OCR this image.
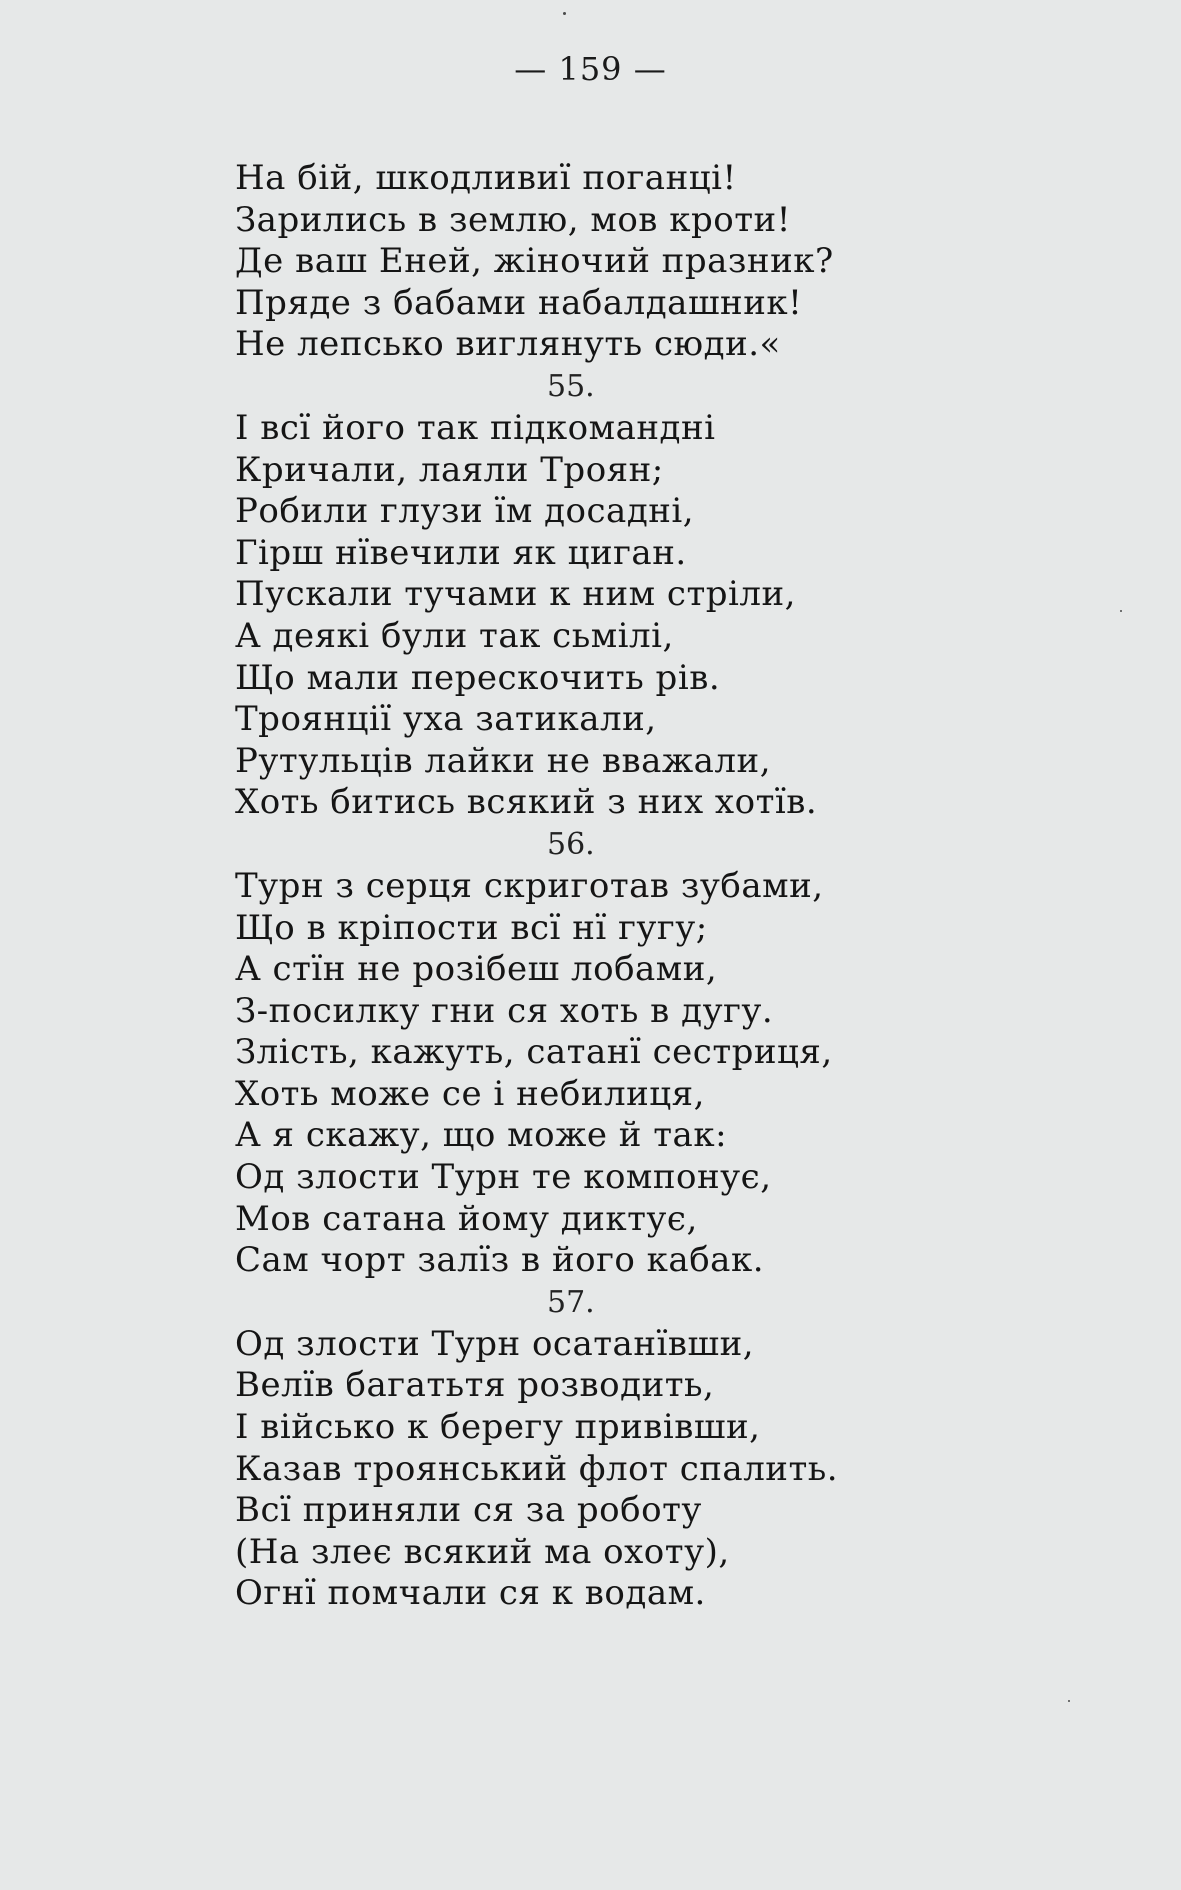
— 159 —
На бій, шкодливиї поганці!
Зарились в землю, мов кроти!
Де ваш Еней, жіночий празник?
Пряде з бабами набалдашник!
Не лепсько виглянуть сюди.«
55.
І всї його так підкомандні
Кричали, лаяли Троян;
Робили глузи їм досадні,
Гірш нївечили як циган.
Пускали тучами к ним стріли,
А деякі були так сьмілі,
Що мали перескочить рів.
Троянції уха затикали,
Рутульців лайки не вважали,
Хоть битись всякий з них хотїв.
56.
Турн з серця скриготав зубами,
Що в кріпости всї нї гугу;
А стїн не розібеш лобами,
З-посилку гни ся хоть в дугу.
Злість, кажуть, сатанї сестриця,
Хоть може се і небилиця,
А я скажу, що може й так:
Од злости Турн те компонує,
Мов сатана йому диктує,
Сам чорт залїз в його кабак.
57.
Од злости Турн осатанївши,
Велїв багатьтя розводить,
І військо к берегу привівши,
Казав троянський флот спалить.
Всї приняли ся за роботу
(На злеє всякий ма охоту),
Огнї помчали ся к водам.
